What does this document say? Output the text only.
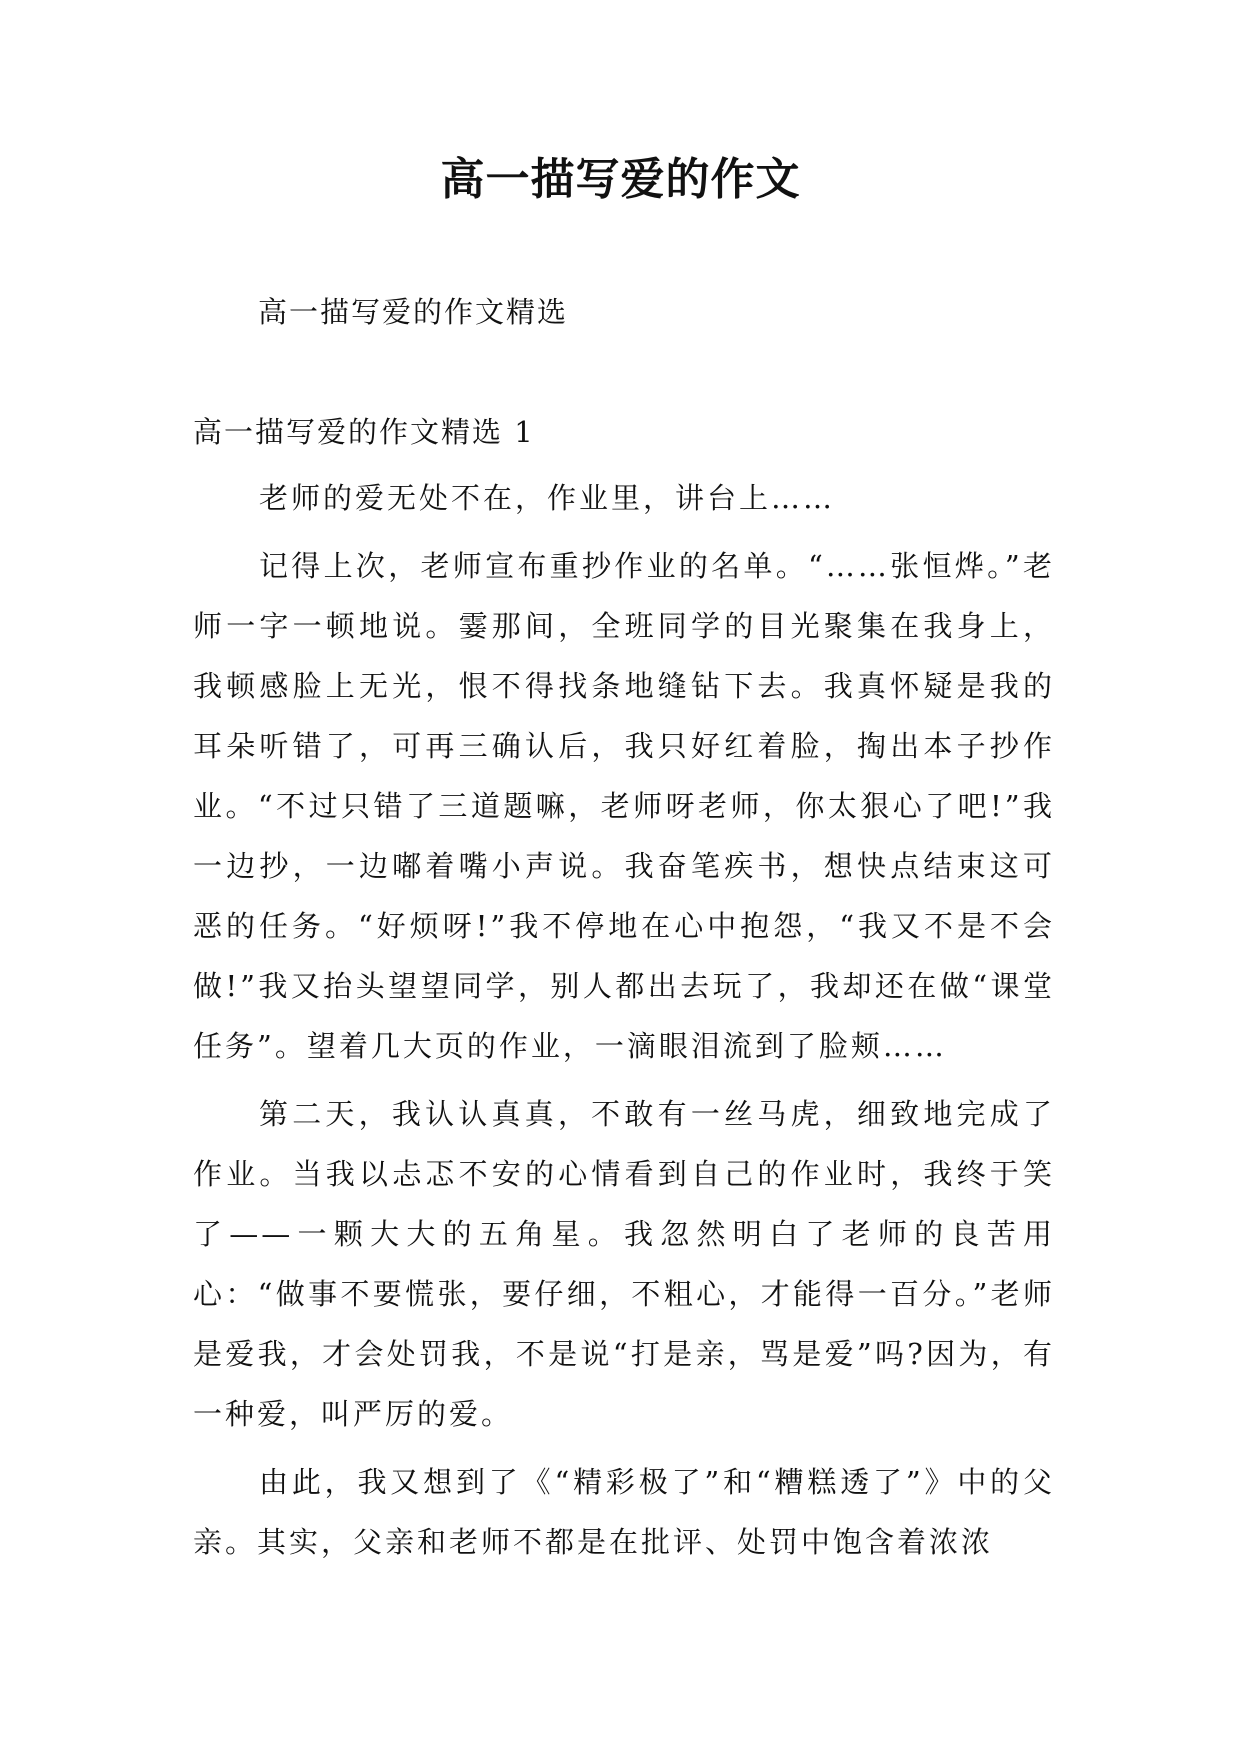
高一描写爱的作文

高一描写爱的作文精选

高一描写爱的作文精选 1

老师的爱无处不在，作业里，讲台上……

记得上次，老师宣布重抄作业的名单。“……张恒烨。”老师一字一顿地说。霎那间，全班同学的目光聚集在我身上，我顿感脸上无光，恨不得找条地缝钻下去。我真怀疑是我的耳朵听错了，可再三确认后，我只好红着脸，掏出本子抄作业。“不过只错了三道题嘛，老师呀老师，你太狠心了吧!”我一边抄，一边嘟着嘴小声说。我奋笔疾书，想快点结束这可恶的任务。“好烦呀!”我不停地在心中抱怨，“我又不是不会做!”我又抬头望望同学，别人都出去玩了，我却还在做“课堂任务”。望着几大页的作业，一滴眼泪流到了脸颊……

第二天，我认认真真，不敢有一丝马虎，细致地完成了作业。当我以忐忑不安的心情看到自己的作业时，我终于笑了——一颗大大的五角星。我忽然明白了老师的良苦用心：“做事不要慌张，要仔细，不粗心，才能得一百分。”老师是爱我，才会处罚我，不是说“打是亲，骂是爱”吗?因为，有一种爱，叫严厉的爱。

由此，我又想到了《“精彩极了”和“糟糕透了”》中的父亲。其实，父亲和老师不都是在批评、处罚中饱含着浓浓
